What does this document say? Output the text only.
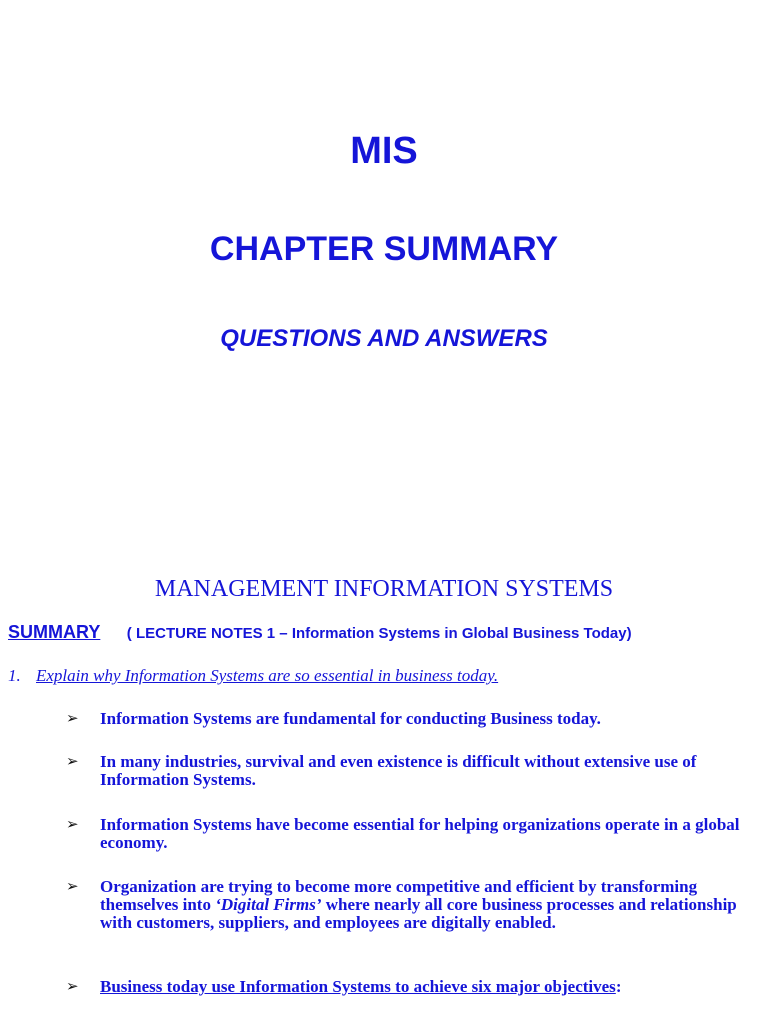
MIS
CHAPTER SUMMARY
QUESTIONS AND ANSWERS
MANAGEMENT INFORMATION SYSTEMS
SUMMARY ( LECTURE NOTES 1 – Information Systems in Global Business Today)
1. Explain why Information Systems are so essential in business today.
➢ Information Systems are fundamental for conducting Business today.
➢ In many industries, survival and even existence is difficult without extensive use of Information Systems.
➢ Information Systems have become essential for helping organizations operate in a global economy.
➢ Organization are trying to become more competitive and efficient by transforming themselves into ‘Digital Firms’ where nearly all core business processes and relationship with customers, suppliers, and employees are digitally enabled.
➢ Business today use Information Systems to achieve six major objectives:
